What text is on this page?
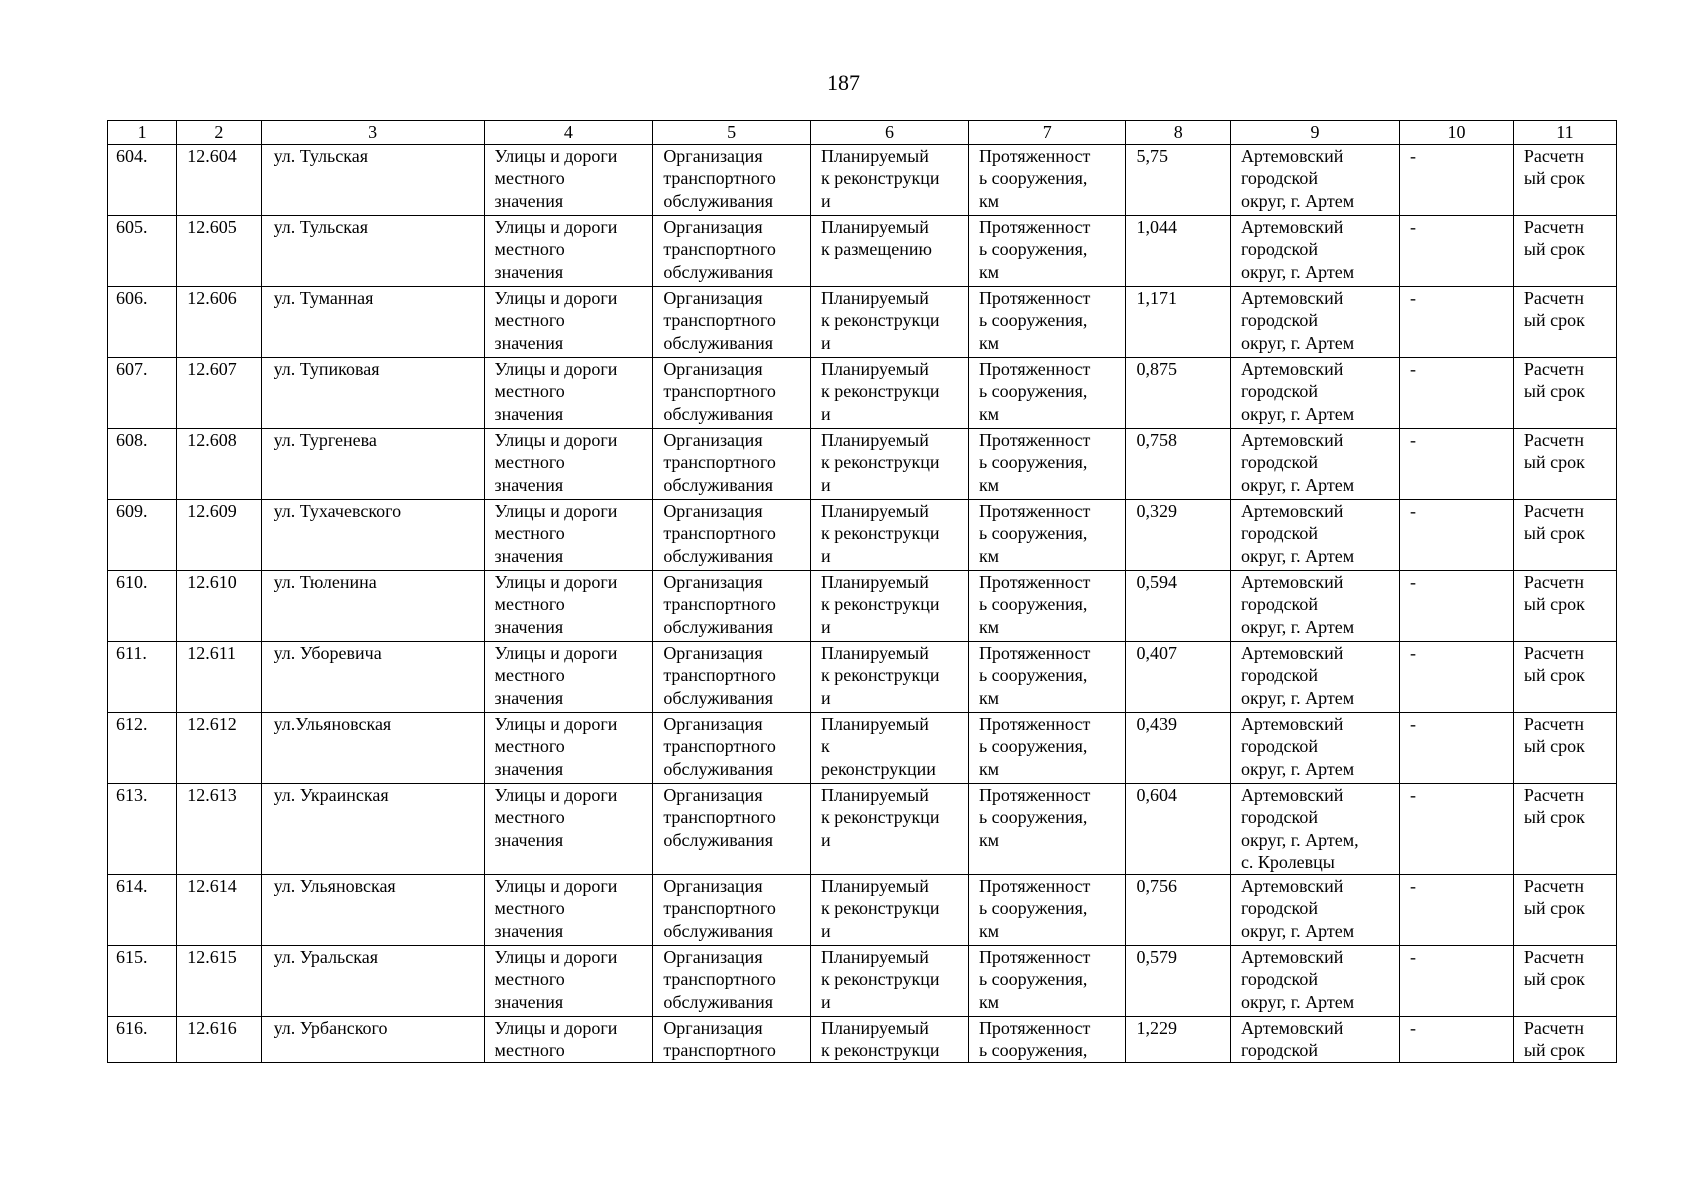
187
1	2	3	4	5	6	7	8	9	10	11

604.	12.604	ул. Тульская	Улицы и дороги
местного
значения	Организация
транспортного
обслуживания	Планируемый
к реконструкци
и	Протяженност
ь сооружения,
км	5,75	Артемовский
городской
округ, г. Артем	-	Расчетн
ый срок

605.	12.605	ул. Тульская	Улицы и дороги
местного
значения	Организация
транспортного
обслуживания	Планируемый
к размещению	Протяженност
ь сооружения,
км	1,044	Артемовский
городской
округ, г. Артем	-	Расчетн
ый срок

606.	12.606	ул. Туманная	Улицы и дороги
местного
значения	Организация
транспортного
обслуживания	Планируемый
к реконструкци
и	Протяженност
ь сооружения,
км	1,171	Артемовский
городской
округ, г. Артем	-	Расчетн
ый срок

607.	12.607	ул. Тупиковая	Улицы и дороги
местного
значения	Организация
транспортного
обслуживания	Планируемый
к реконструкци
и	Протяженност
ь сооружения,
км	0,875	Артемовский
городской
округ, г. Артем	-	Расчетн
ый срок

608.	12.608	ул. Тургенева	Улицы и дороги
местного
значения	Организация
транспортного
обслуживания	Планируемый
к реконструкци
и	Протяженност
ь сооружения,
км	0,758	Артемовский
городской
округ, г. Артем	-	Расчетн
ый срок

609.	12.609	ул. Тухачевского	Улицы и дороги
местного
значения	Организация
транспортного
обслуживания	Планируемый
к реконструкци
и	Протяженност
ь сооружения,
км	0,329	Артемовский
городской
округ, г. Артем	-	Расчетн
ый срок

610.	12.610	ул. Тюленина	Улицы и дороги
местного
значения	Организация
транспортного
обслуживания	Планируемый
к реконструкци
и	Протяженност
ь сооружения,
км	0,594	Артемовский
городской
округ, г. Артем	-	Расчетн
ый срок

611.	12.611	ул. Уборевича	Улицы и дороги
местного
значения	Организация
транспортного
обслуживания	Планируемый
к реконструкци
и	Протяженност
ь сооружения,
км	0,407	Артемовский
городской
округ, г. Артем	-	Расчетн
ый срок

612.	12.612	ул.Ульяновская	Улицы и дороги
местного
значения	Организация
транспортного
обслуживания	Планируемый
к
реконструкции	Протяженност
ь сооружения,
км	0,439	Артемовский
городской
округ, г. Артем	-	Расчетн
ый срок

613.	12.613	ул. Украинская	Улицы и дороги
местного
значения	Организация
транспортного
обслуживания	Планируемый
к реконструкци
и	Протяженност
ь сооружения,
км	0,604	Артемовский
городской
округ, г. Артем,
с. Кролевцы	-	Расчетн
ый срок

614.	12.614	ул. Ульяновская	Улицы и дороги
местного
значения	Организация
транспортного
обслуживания	Планируемый
к реконструкци
и	Протяженност
ь сооружения,
км	0,756	Артемовский
городской
округ, г. Артем	-	Расчетн
ый срок

615.	12.615	ул. Уральская	Улицы и дороги
местного
значения	Организация
транспортного
обслуживания	Планируемый
к реконструкци
и	Протяженност
ь сооружения,
км	0,579	Артемовский
городской
округ, г. Артем	-	Расчетн
ый срок

616.	12.616	ул. Урбанского	Улицы и дороги
местного	Организация
транспортного	Планируемый
к реконструкци	Протяженност
ь сооружения,	1,229	Артемовский
городской	-	Расчетн
ый срок
